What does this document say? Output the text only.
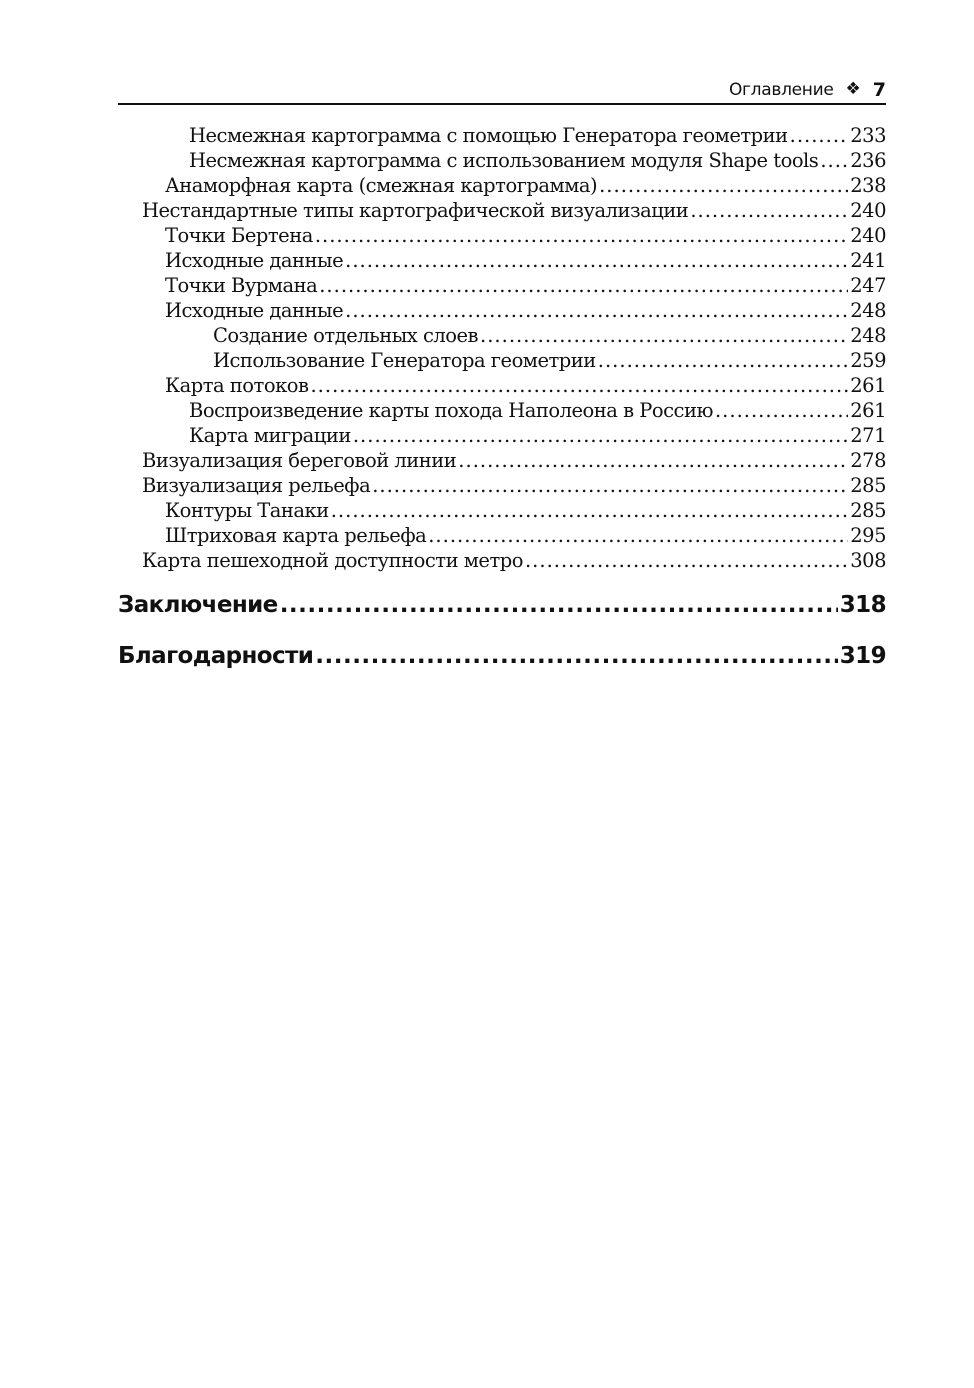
Оглавление ❖ 7
Несмежная картограмма с помощью Генератора геометрии .....	233
Несмежная картограмма с использованием модуля Shape tools ..... 236
Анаморфная карта (смежная картограмма) .....	238
Нестандартные типы картографической визуализации .....	240
Точки Бертена .....	240
Исходные данные .....	241
Точки Вурмана .....	247
Исходные данные .....	248
Создание отдельных слоев .....	248
Использование Генератора геометрии .....	259
Карта потоков .....	261
Воспроизведение карты похода Наполеона в Россию .....	261
Карта миграции .....	271
Визуализация береговой линии .....	278
Визуализация рельефа .....	285
Контуры Танаки .....	285
Штриховая карта рельефа .....	295
Карта пешеходной доступности метро .....	308
Заключение .....	318
Благодарности .....	319
